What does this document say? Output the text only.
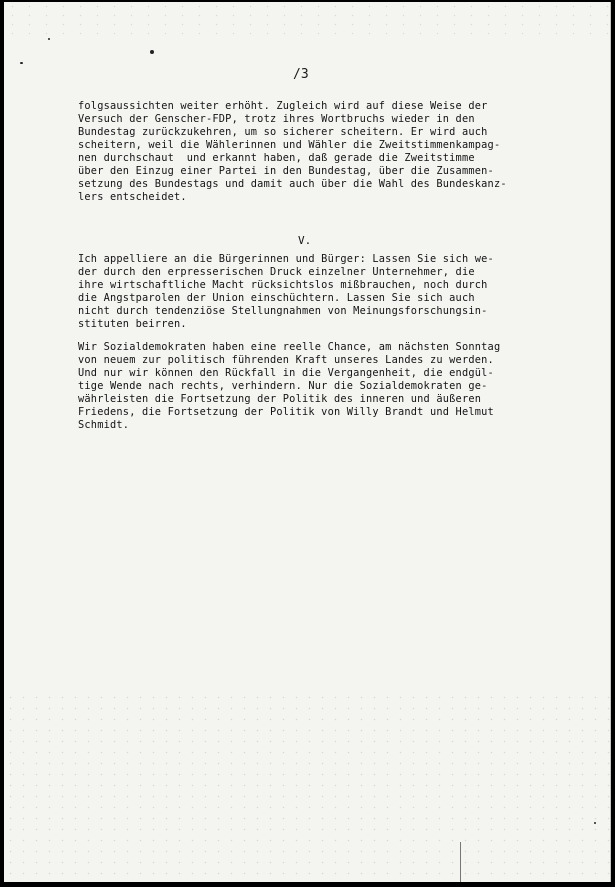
/3

folgsaussichten weiter erhöht. Zugleich wird auf diese Weise der
Versuch der Genscher-FDP, trotz ihres Wortbruchs wieder in den
Bundestag zurückzukehren, um so sicherer scheitern. Er wird auch
scheitern, weil die Wählerinnen und Wähler die Zweitstimmenkampag-
nen durchschaut  und erkannt haben, daß gerade die Zweitstimme
über den Einzug einer Partei in den Bundestag, über die Zusammen-
setzung des Bundestags und damit auch über die Wahl des Bundeskanz-
lers entscheidet.

V.

Ich appelliere an die Bürgerinnen und Bürger: Lassen Sie sich we-
der durch den erpresserischen Druck einzelner Unternehmer, die
ihre wirtschaftliche Macht rücksichtslos mißbrauchen, noch durch
die Angstparolen der Union einschüchtern. Lassen Sie sich auch
nicht durch tendenziöse Stellungnahmen von Meinungsforschungsin-
stituten beirren.
Wir Sozialdemokraten haben eine reelle Chance, am nächsten Sonntag
von neuem zur politisch führenden Kraft unseres Landes zu werden.
Und nur wir können den Rückfall in die Vergangenheit, die endgül-
tige Wende nach rechts, verhindern. Nur die Sozialdemokraten ge-
währleisten die Fortsetzung der Politik des inneren und äußeren
Friedens, die Fortsetzung der Politik von Willy Brandt und Helmut
Schmidt.
